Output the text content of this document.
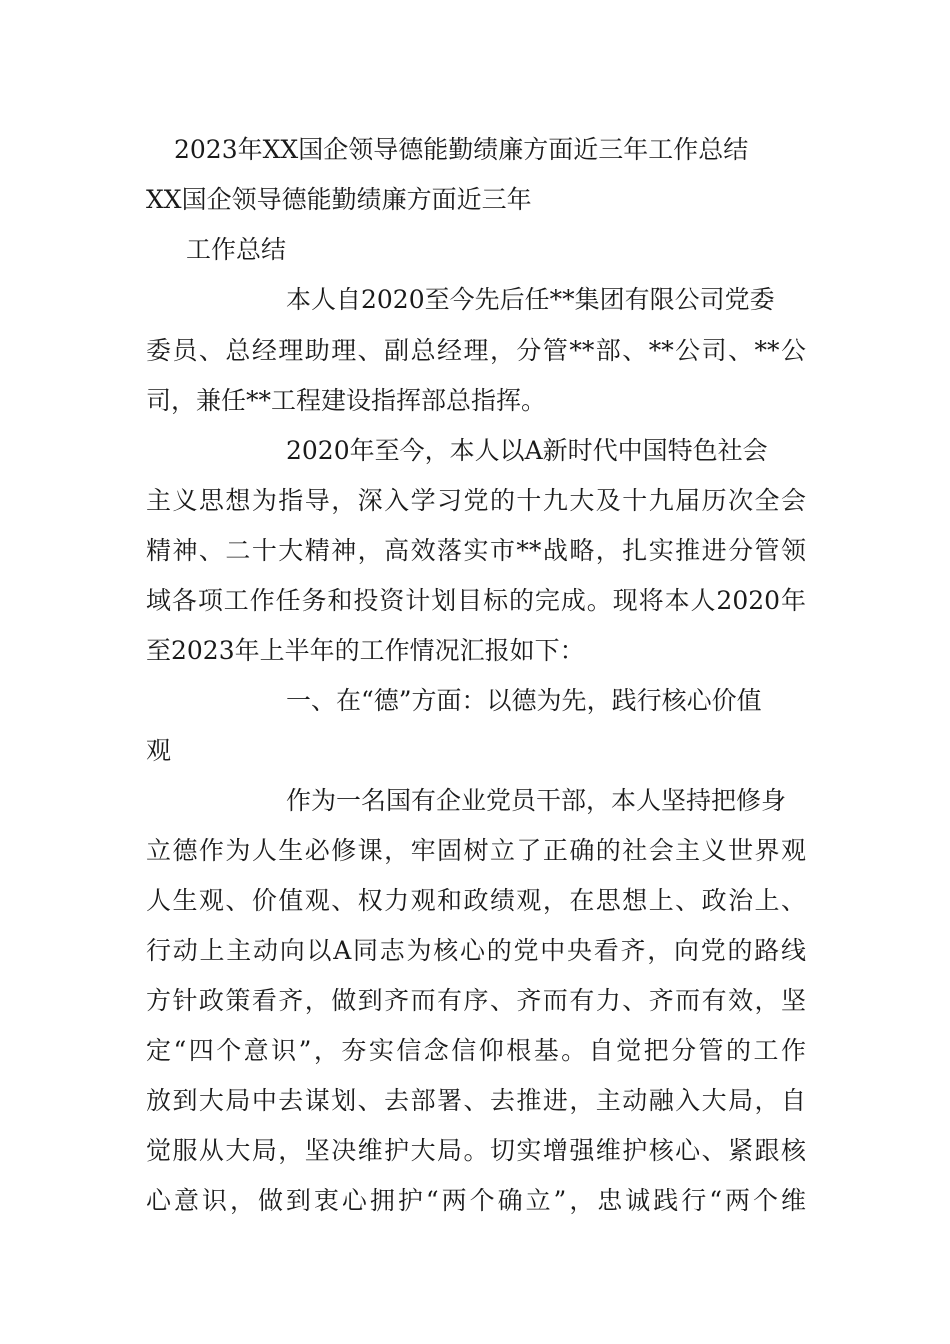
2023年XX国企领导德能勤绩廉方面近三年工作总结
XX国企领导德能勤绩廉方面近三年
工作总结
本人自2020至今先后任**集团有限公司党委
委员、总经理助理、副总经理，分管**部、**公司、**公
司，兼任**工程建设指挥部总指挥。
2020年至今，本人以A新时代中国特色社会
主义思想为指导，深入学习党的十九大及十九届历次全会
精神、二十大精神，高效落实市**战略，扎实推进分管领
域各项工作任务和投资计划目标的完成。现将本人2020年
至2023年上半年的工作情况汇报如下：
一、在“德”方面：以德为先，践行核心价值
观
作为一名国有企业党员干部，本人坚持把修身
立德作为人生必修课，牢固树立了正确的社会主义世界观
人生观、价值观、权力观和政绩观，在思想上、政治上、
行动上主动向以A同志为核心的党中央看齐，向党的路线
方针政策看齐，做到齐而有序、齐而有力、齐而有效，坚
定“四个意识”，夯实信念信仰根基。自觉把分管的工作
放到大局中去谋划、去部署、去推进，主动融入大局，自
觉服从大局，坚决维护大局。切实增强维护核心、紧跟核
心意识，做到衷心拥护“两个确立”，忠诚践行“两个维
